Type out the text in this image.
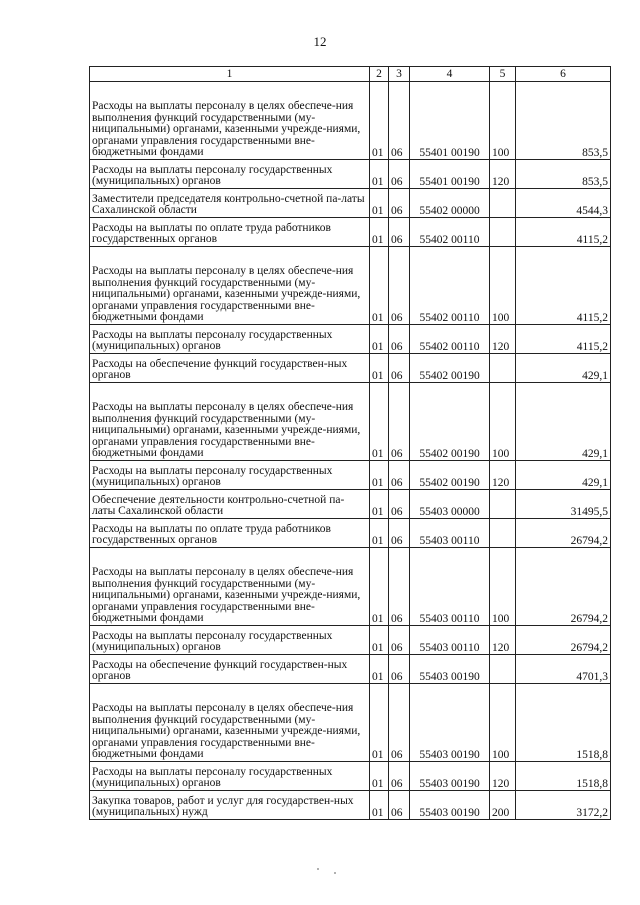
12
1	2	3	4	5	6
Расходы на выплаты персоналу в целях обеспече-ния выполнения функций государственными (му-ниципальными) органами, казенными учрежде-ниями, органами управления государственными вне-бюджетными фондами	01	06	55401 00190	100	853,5
Расходы на выплаты персоналу государственных (муниципальных) органов	01	06	55401 00190	120	853,5
Заместители председателя контрольно-счетной па-латы Сахалинской области	01	06	55402 00000		4544,3
Расходы на выплаты по оплате труда работников государственных органов	01	06	55402 00110		4115,2
Расходы на выплаты персоналу в целях обеспече-ния выполнения функций государственными (му-ниципальными) органами, казенными учрежде-ниями, органами управления государственными вне-бюджетными фондами	01	06	55402 00110	100	4115,2
Расходы на выплаты персоналу государственных (муниципальных) органов	01	06	55402 00110	120	4115,2
Расходы на обеспечение функций государствен-ных органов	01	06	55402 00190		429,1
Расходы на выплаты персоналу в целях обеспече-ния выполнения функций государственными (му-ниципальными) органами, казенными учрежде-ниями, органами управления государственными вне-бюджетными фондами	01	06	55402 00190	100	429,1
Расходы на выплаты персоналу государственных (муниципальных) органов	01	06	55402 00190	120	429,1
Обеспечение деятельности контрольно-счетной па-латы Сахалинской области	01	06	55403 00000		31495,5
Расходы на выплаты по оплате труда работников государственных органов	01	06	55403 00110		26794,2
Расходы на выплаты персоналу в целях обеспече-ния выполнения функций государственными (му-ниципальными) органами, казенными учрежде-ниями, органами управления государственными вне-бюджетными фондами	01	06	55403 00110	100	26794,2
Расходы на выплаты персоналу государственных (муниципальных) органов	01	06	55403 00110	120	26794,2
Расходы на обеспечение функций государствен-ных органов	01	06	55403 00190		4701,3
Расходы на выплаты персоналу в целях обеспече-ния выполнения функций государственными (му-ниципальными) органами, казенными учрежде-ниями, органами управления государственными вне-бюджетными фондами	01	06	55403 00190	100	1518,8
Расходы на выплаты персоналу государственных (муниципальных) органов	01	06	55403 00190	120	1518,8
Закупка товаров, работ и услуг для государствен-ных (муниципальных) нужд	01	06	55403 00190	200	3172,2
